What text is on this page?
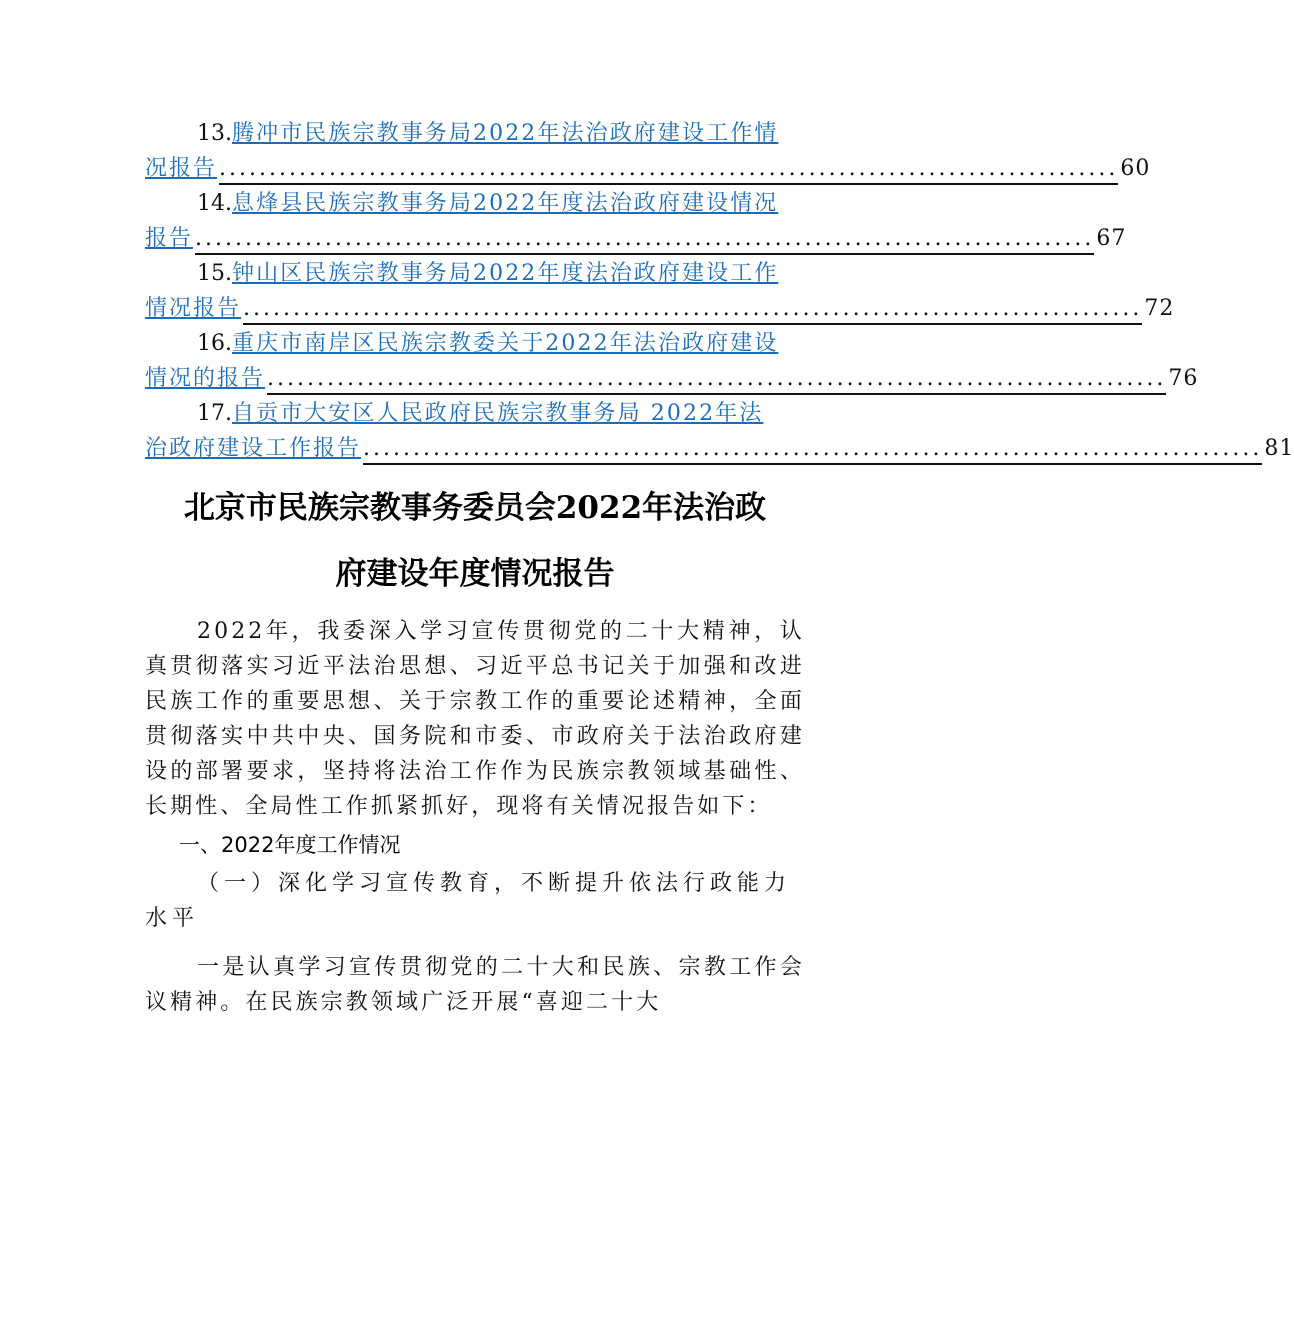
13.腾冲市民族宗教事务局2022年法治政府建设工作情
况报告 .......................................................................................... 60
14.息烽县民族宗教事务局2022年度法治政府建设情况
报告 .......................................................................................... 67
15.钟山区民族宗教事务局2022年度法治政府建设工作
情况报告 .......................................................................................... 72
16.重庆市南岸区民族宗教委关于2022年法治政府建设
情况的报告 .......................................................................................... 76
17.自贡市大安区人民政府民族宗教事务局 2022年法
治政府建设工作报告 .......................................................................................... 81
北京市民族宗教事务委员会2022年法治政
府建设年度情况报告

2022年，我委深入学习宣传贯彻党的二十大精神，认真贯彻落实习近平法治思想、习近平总书记关于加强和改进民族工作的重要思想、关于宗教工作的重要论述精神，全面贯彻落实中共中央、国务院和市委、市政府关于法治政府建设的部署要求，坚持将法治工作作为民族宗教领域基础性、长期性、全局性工作抓紧抓好，现将有关情况报告如下：

一、2022年度工作情况

（一）深化学习宣传教育，不断提升依法行政能力水平

一是认真学习宣传贯彻党的二十大和民族、宗教工作会议精神。在民族宗教领域广泛开展“喜迎二十大
